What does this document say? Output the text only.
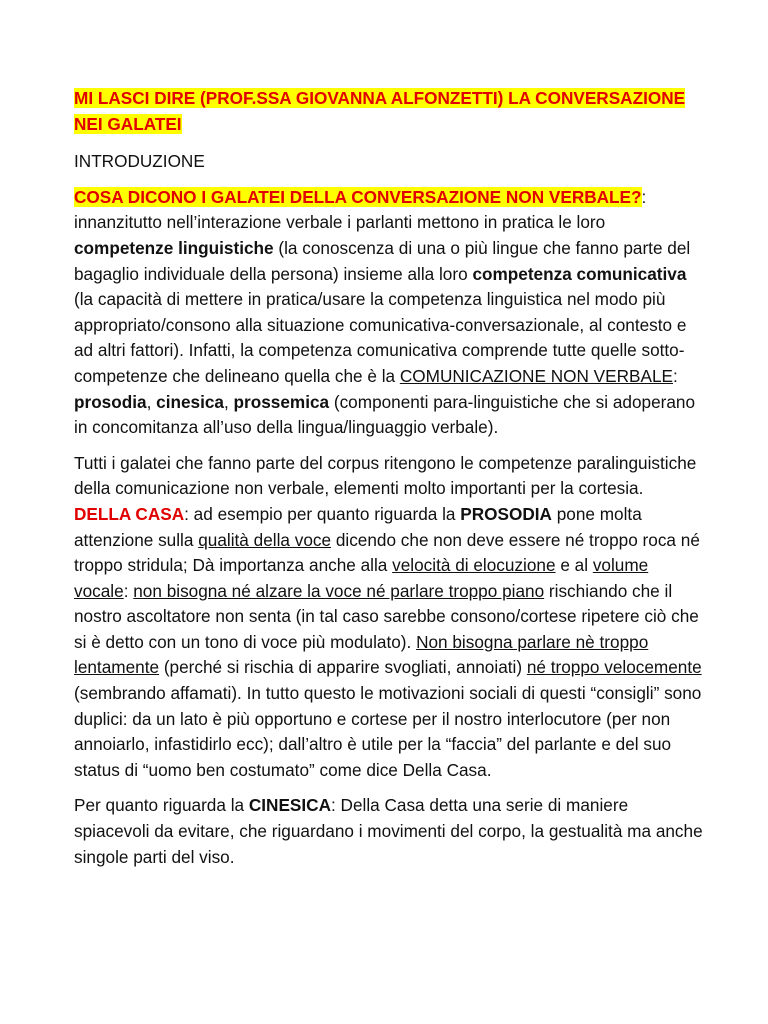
MI LASCI DIRE (PROF.SSA GIOVANNA ALFONZETTI) LA CONVERSAZIONE
NEI GALATEI
INTRODUZIONE
COSA DICONO I GALATEI DELLA CONVERSAZIONE NON VERBALE?:
innanzitutto nell’interazione verbale i parlanti mettono in pratica le loro competenze linguistiche (la conoscenza di una o più lingue che fanno parte del bagaglio individuale della persona) insieme alla loro competenza comunicativa (la capacità di mettere in pratica/usare la competenza linguistica nel modo più appropriato/consono alla situazione comunicativa-conversazionale, al contesto e ad altri fattori). Infatti, la competenza comunicativa comprende tutte quelle sotto-competenze che delineano quella che è la COMUNICAZIONE NON VERBALE: prosodia, cinesica, prossemica (componenti para-linguistiche che si adoperano in concomitanza all’uso della lingua/linguaggio verbale).
Tutti i galatei che fanno parte del corpus ritengono le competenze paralinguistiche della comunicazione non verbale, elementi molto importanti per la cortesia. DELLA CASA: ad esempio per quanto riguarda la PROSODIA pone molta attenzione sulla qualità della voce dicendo che non deve essere né troppo roca né troppo stridula; Dà importanza anche alla velocità di elocuzione e al volume vocale: non bisogna né alzare la voce né parlare troppo piano rischiando che il nostro ascoltatore non senta (in tal caso sarebbe consono/cortese ripetere ciò che si è detto con un tono di voce più modulato). Non bisogna parlare nè troppo lentamente (perché si rischia di apparire svogliati, annoiati) né troppo velocemente (sembrando affamati). In tutto questo le motivazioni sociali di questi “consigli” sono duplici: da un lato è più opportuno e cortese per il nostro interlocutore (per non annoiarlo, infastidirlo ecc); dall’altro è utile per la “faccia” del parlante e del suo status di “uomo ben costumato” come dice Della Casa.
Per quanto riguarda la CINESICA: Della Casa detta una serie di maniere spiacevoli da evitare, che riguardano i movimenti del corpo, la gestualità ma anche singole parti del viso.
